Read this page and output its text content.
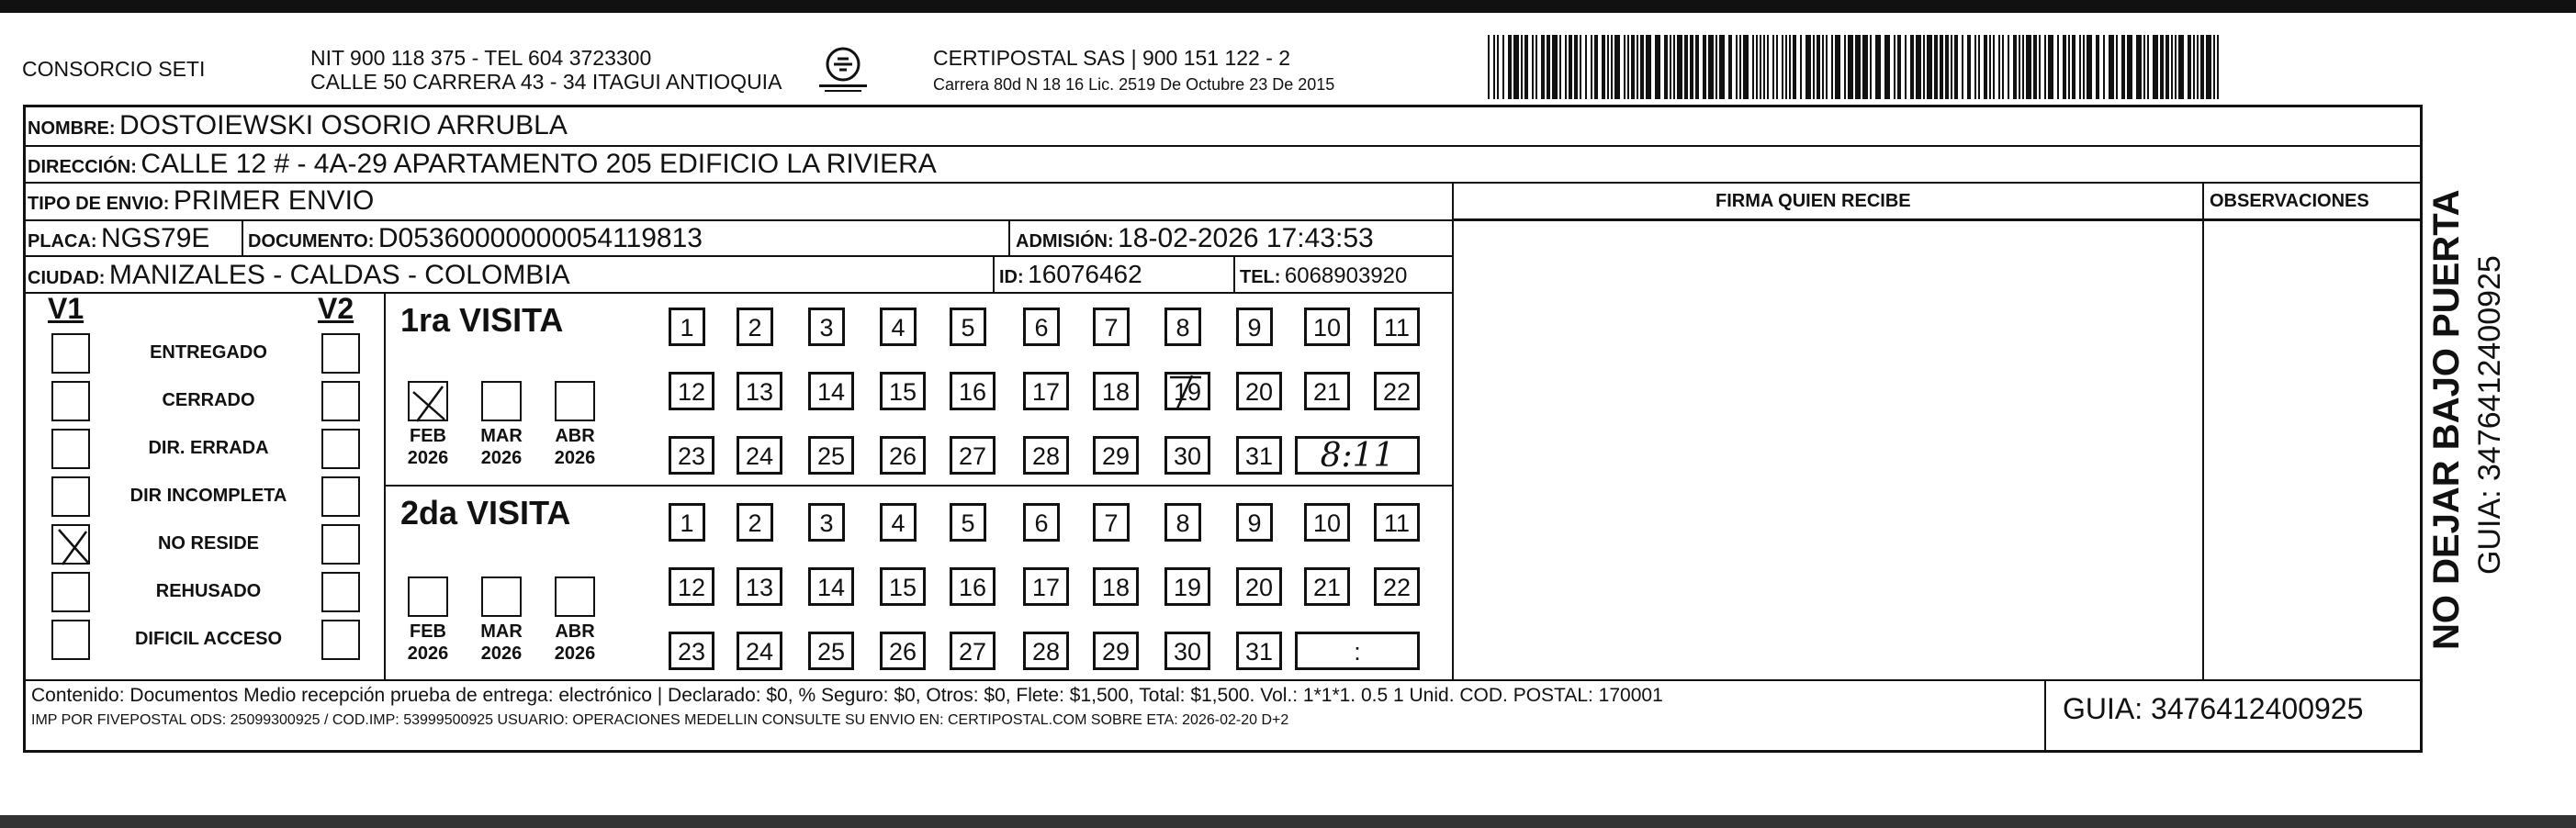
CONSORCIO SETI	NIT 900 118 375 - TEL 604 3723300
CALLE 50 CARRERA 43 - 34 ITAGUI ANTIOQUIA
CERTIPOSTAL SAS | 900 151 122 - 2
Carrera 80d N 18 16 Lic. 2519 De Octubre 23 De 2015
NOMBRE: DOSTOIEWSKI OSORIO ARRUBLA
DIRECCIÓN: CALLE 12 # - 4A-29 APARTAMENTO 205 EDIFICIO LA RIVIERA
TIPO DE ENVIO: PRIMER ENVIO	FIRMA QUIEN RECIBE	OBSERVACIONES
PLACA: NGS79E DOCUMENTO: D05360000000054119813	ADMISIÓN: 18-02-2026 17:43:53
CIUDAD: MANIZALES - CALDAS - COLOMBIA	ID: 16076462	TEL: 6068903920
V1	V2
ENTREGADO
CERRADO
DIR. ERRADA
DIR INCOMPLETA
NO RESIDE
REHUSADO
DIFICIL ACCESO
1ra VISITA
2da VISITA
FEB
2026
MAR
2026
ABR
2026
1	2	3	4	5	6	7	8	9	10	11
12	13	14	15	16	17	18	19	20	21	22
23	24	25	26	27	28	29	30	31	8:11
FEB
2026
MAR
2026
ABR
2026
1	2	3	4	5	6	7	8	9	10	11
12	13	14	15	16	17	18	19	20	21	22
23	24	25	26	27	28	29	30	31	:
Contenido: Documentos Medio recepción prueba de entrega: electrónico | Declarado: $0, % Seguro: $0, Otros: $0, Flete: $1,500, Total: $1,500. Vol.: 1*1*1. 0.5 1 Unid. COD. POSTAL: 170001
IMP POR FIVEPOSTAL ODS: 25099300925 / COD.IMP: 53999500925 USUARIO: OPERACIONES MEDELLIN CONSULTE SU ENVIO EN: CERTIPOSTAL.COM SOBRE ETA: 2026-02-20 D+2	GUIA: 3476412400925
NO DEJAR BAJO PUERTA GUIA: 3476412400925
